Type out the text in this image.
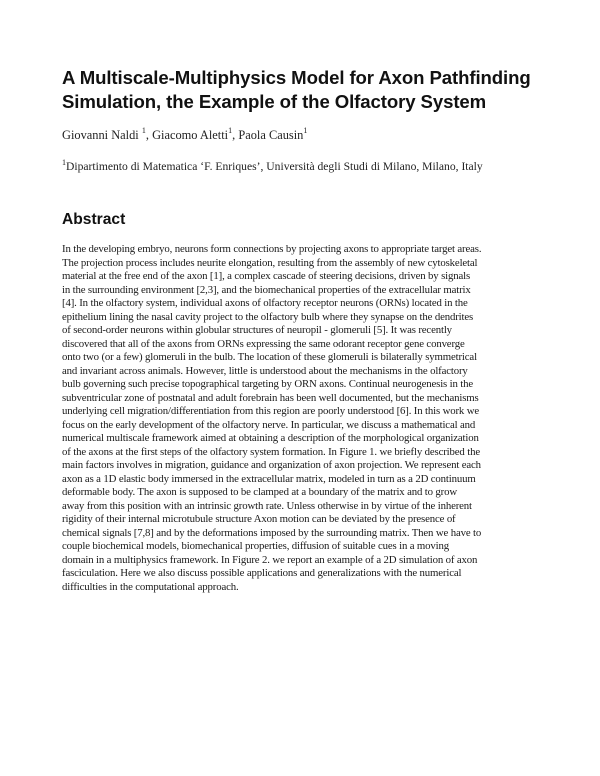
A Multiscale-Multiphysics Model for Axon Pathfinding
Simulation, the Example of the Olfactory System
Giovanni Naldi $^1$, Giacomo Aletti$^1$, Paola Causin$^1$
$^1$Dipartimento di Matematica ‘F. Enriques’, Università degli Studi di Milano, Milano, Italy
Abstract

In the developing embryo, neurons form connections by projecting axons to appropriate target areas.
The projection process includes neurite elongation, resulting from the assembly of new cytoskeletal
material at the free end of the axon [1], a complex cascade of steering decisions, driven by signals
in the surrounding environment [2,3], and the biomechanical properties of the extracellular matrix
[4]. In the olfactory system, individual axons of olfactory receptor neurons (ORNs) located in the
epithelium lining the nasal cavity project to the olfactory bulb where they synapse on the dendrites
of second-order neurons within globular structures of neuropil - glomeruli [5]. It was recently
discovered that all of the axons from ORNs expressing the same odorant receptor gene converge
onto two (or a few) glomeruli in the bulb. The location of these glomeruli is bilaterally symmetrical
and invariant across animals. However, little is understood about the mechanisms in the olfactory
bulb governing such precise topographical targeting by ORN axons. Continual neurogenesis in the
subventricular zone of postnatal and adult forebrain has been well documented, but the mechanisms
underlying cell migration/differentiation from this region are poorly understood [6]. In this work we
focus on the early development of the olfactory nerve. In particular, we discuss a mathematical and
numerical multiscale framework aimed at obtaining a description of the morphological organization
of the axons at the first steps of the olfactory system formation. In Figure 1. we briefly described the
main factors involves in migration, guidance and organization of axon projection. We represent each
axon as a 1D elastic body immersed in the extracellular matrix, modeled in turn as a 2D continuum
deformable body. The axon is supposed to be clamped at a boundary of the matrix and to grow
away from this position with an intrinsic growth rate. Unless otherwise in by virtue of the inherent
rigidity of their internal microtubule structure Axon motion can be deviated by the presence of
chemical signals [7,8] and by the deformations imposed by the surrounding matrix. Then we have to
couple biochemical models, biomechanical properties, diffusion of suitable cues in a moving
domain in a multiphysics framework. In Figure 2. we report an example of a 2D simulation of axon
fasciculation. Here we also discuss possible applications and generalizations with the numerical
difficulties in the computational approach.
